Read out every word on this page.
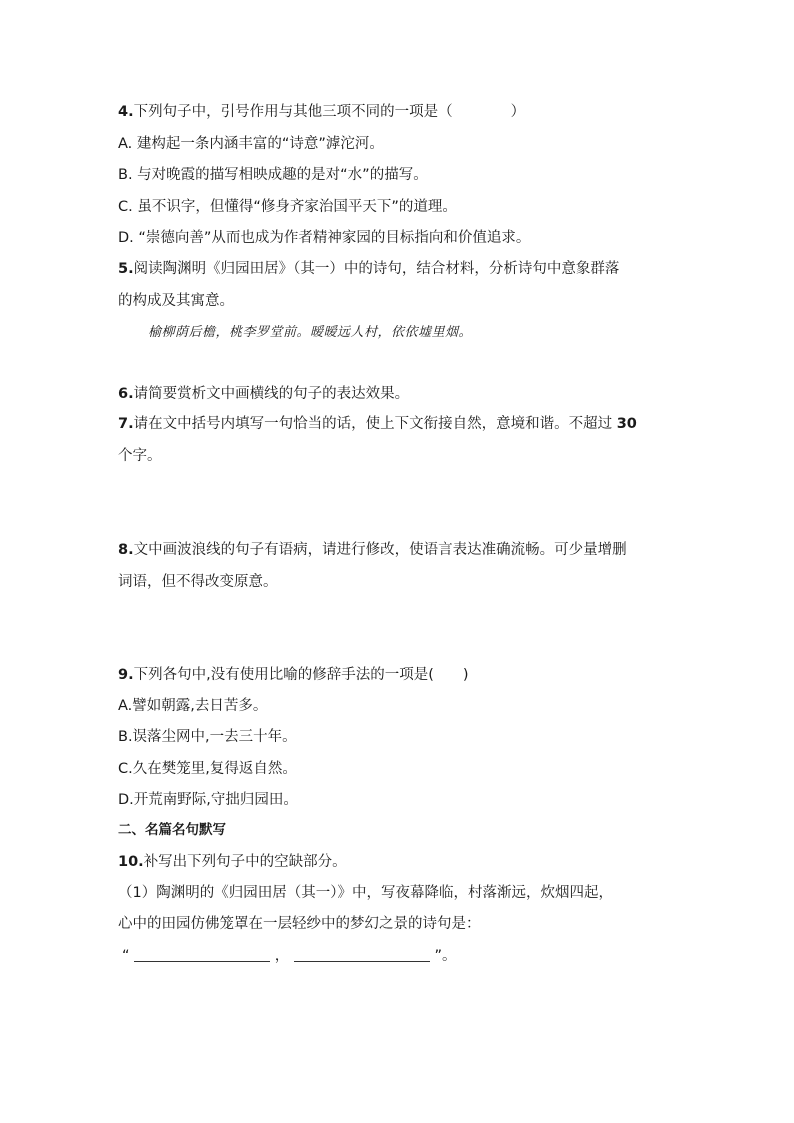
4.下列句子中，引号作用与其他三项不同的一项是（　　　　）
A. 建构起一条内涵丰富的“诗意”滹沱河。
B. 与对晚霞的描写相映成趣的是对“水”的描写。
C. 虽不识字，但懂得“修身齐家治国平天下”的道理。
D. “崇德向善”从而也成为作者精神家园的目标指向和价值追求。
5.阅读陶渊明《归园田居》（其一）中的诗句，结合材料，分析诗句中意象群落
的构成及其寓意。
榆柳荫后檐，桃李罗堂前。暧暧远人村，依依墟里烟。
6.请简要赏析文中画横线的句子的表达效果。
7.请在文中括号内填写一句恰当的话，使上下文衔接自然，意境和谐。不超过 30
个字。
8.文中画波浪线的句子有语病，请进行修改，使语言表达准确流畅。可少量增删
词语，但不得改变原意。
9.下列各句中,没有使用比喻的修辞手法的一项是(　　)
A.譬如朝露,去日苦多。
B.误落尘网中,一去三十年。
C.久在樊笼里,复得返自然。
D.开荒南野际,守拙归园田。
二、名篇名句默写
10.补写出下列句子中的空缺部分。
（1）陶渊明的《归园田居（其一）》中，写夜幕降临，村落渐远，炊烟四起，
心中的田园仿佛笼罩在一层轻纱中的梦幻之景的诗句是：
“	，	”。
